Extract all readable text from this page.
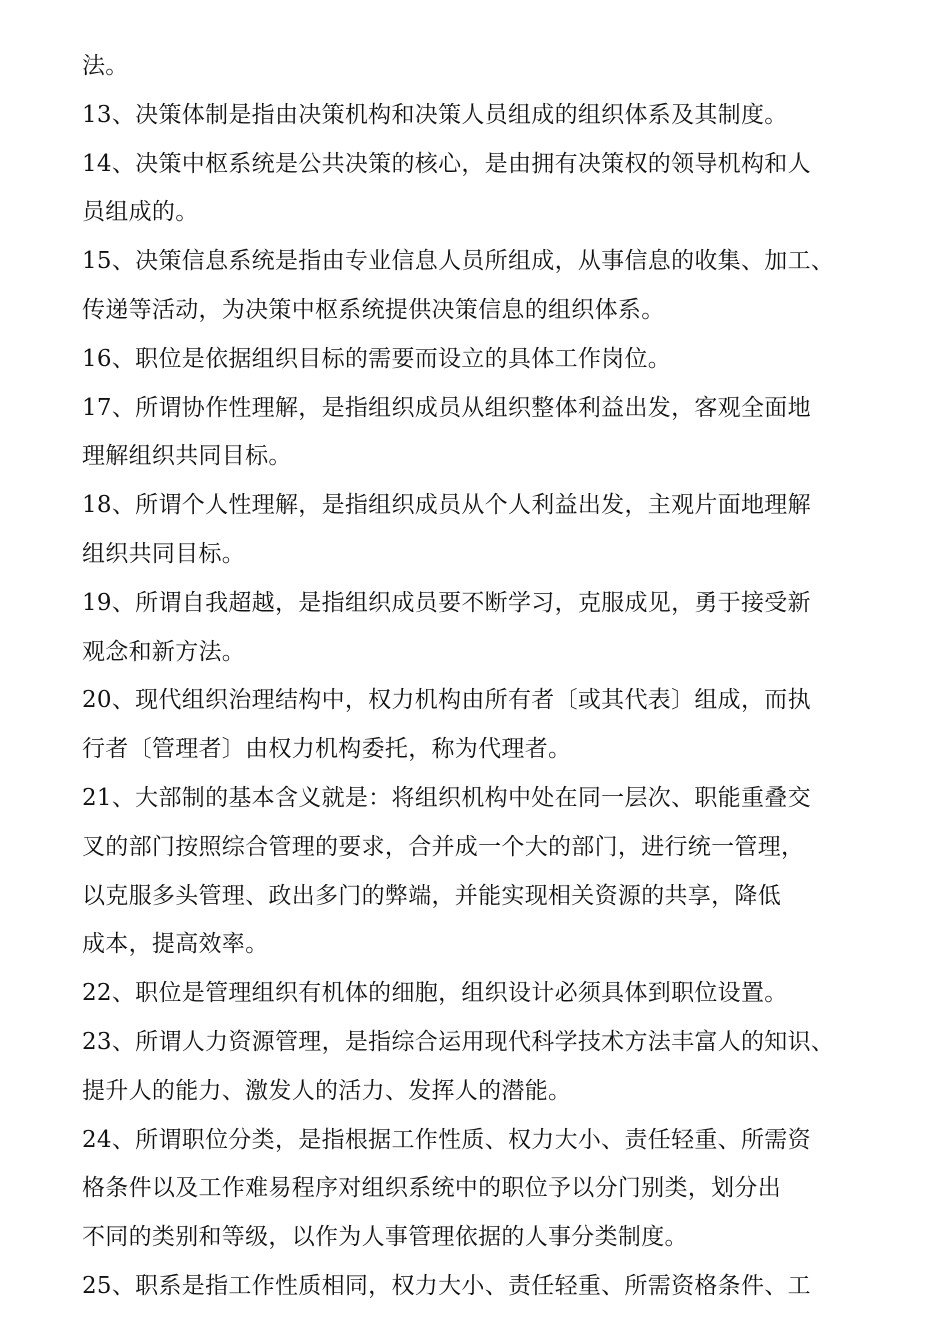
法。
13、决策体制是指由决策机构和决策人员组成的组织体系及其制度。
14、决策中枢系统是公共决策的核心，是由拥有决策权的领导机构和人
员组成的。
15、决策信息系统是指由专业信息人员所组成，从事信息的收集、加工、
传递等活动，为决策中枢系统提供决策信息的组织体系。
16、职位是依据组织目标的需要而设立的具体工作岗位。
17、所谓协作性理解，是指组织成员从组织整体利益出发，客观全面地
理解组织共同目标。
18、所谓个人性理解，是指组织成员从个人利益出发，主观片面地理解
组织共同目标。
19、所谓自我超越，是指组织成员要不断学习，克服成见，勇于接受新
观念和新方法。
20、现代组织治理结构中，权力机构由所有者〔或其代表〕组成，而执
行者〔管理者〕由权力机构委托，称为代理者。
21、大部制的基本含义就是：将组织机构中处在同一层次、职能重叠交
叉的部门按照综合管理的要求，合并成一个大的部门，进行统一管理，
以克服多头管理、政出多门的弊端，并能实现相关资源的共享，降低
成本，提高效率。
22、职位是管理组织有机体的细胞，组织设计必须具体到职位设置。
23、所谓人力资源管理，是指综合运用现代科学技术方法丰富人的知识、
提升人的能力、激发人的活力、发挥人的潜能。
24、所谓职位分类，是指根据工作性质、权力大小、责任轻重、所需资
格条件以及工作难易程序对组织系统中的职位予以分门别类，划分出
不同的类别和等级，以作为人事管理依据的人事分类制度。
25、职系是指工作性质相同，权力大小、责任轻重、所需资格条件、工
